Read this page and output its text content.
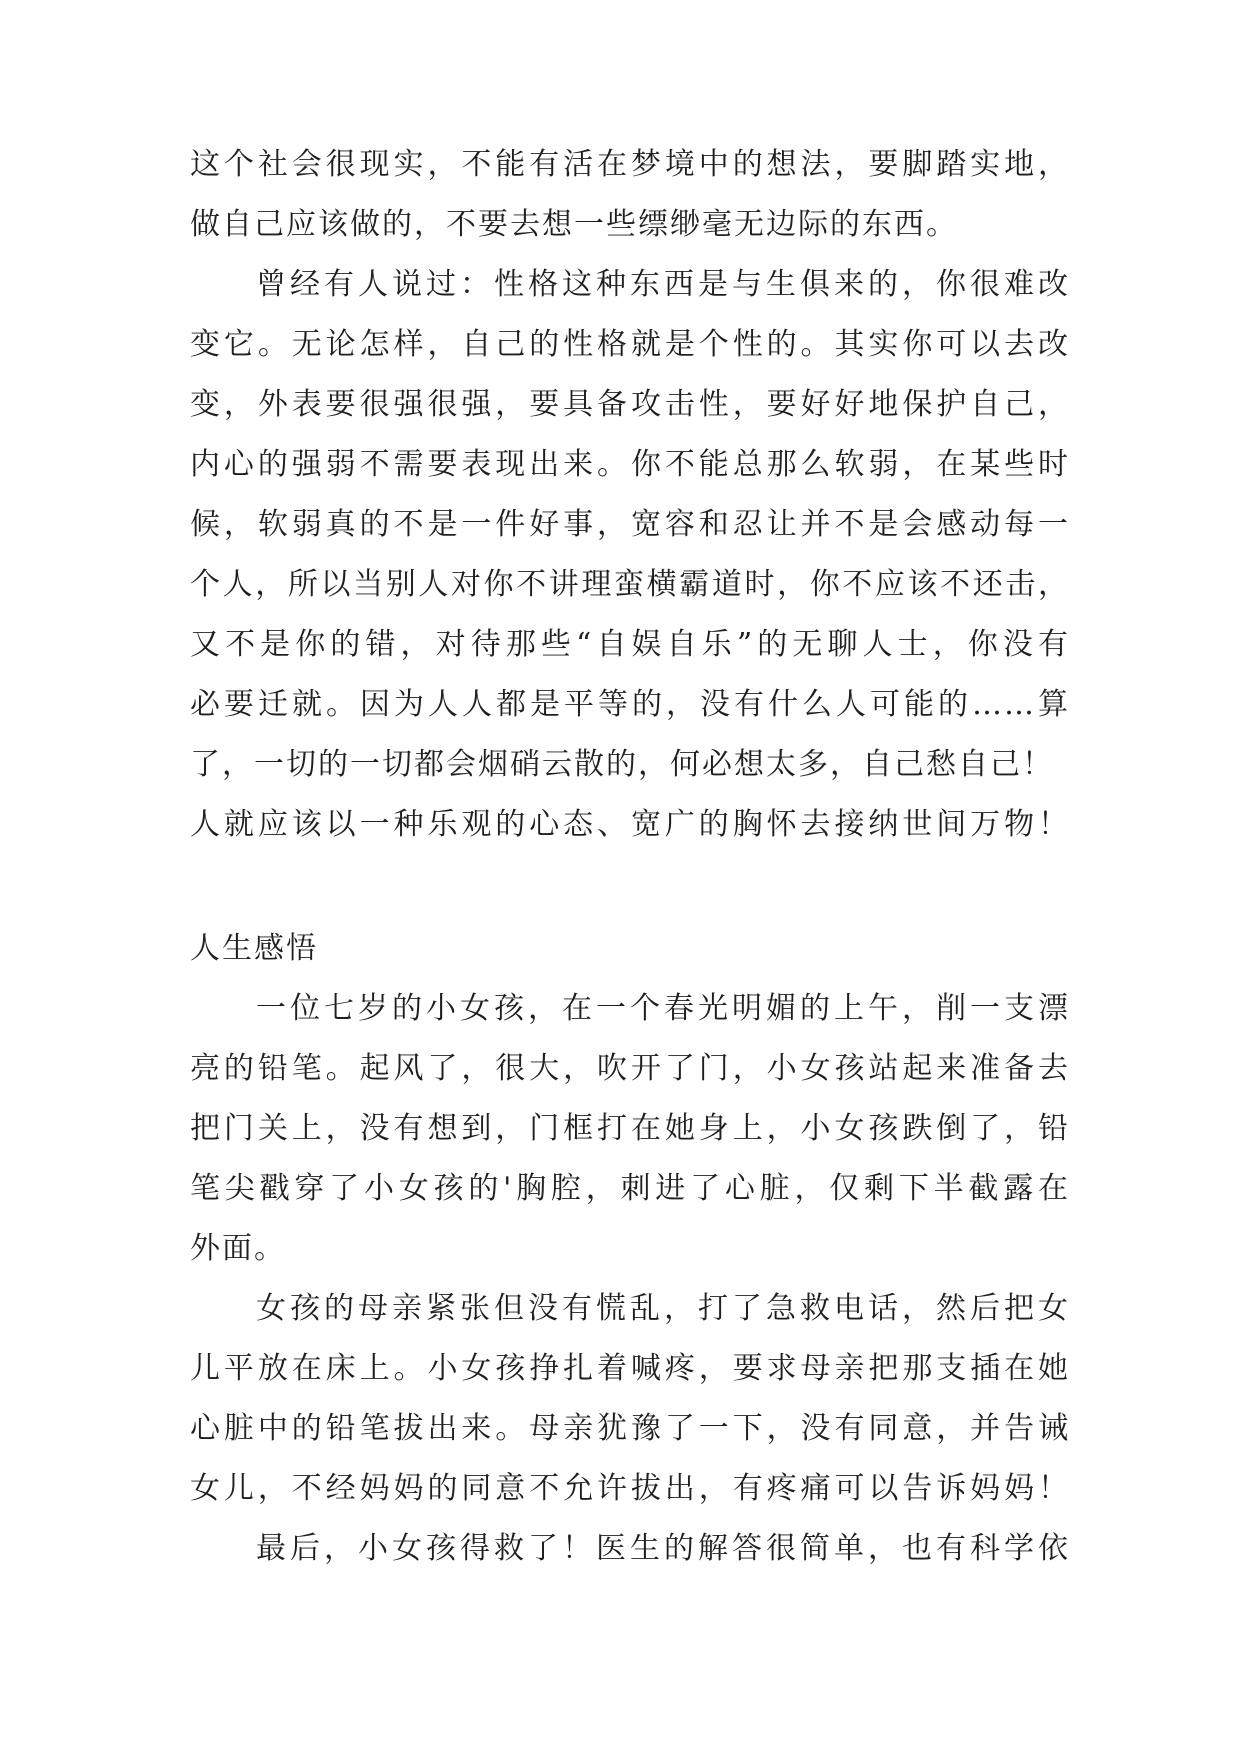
这个社会很现实，不能有活在梦境中的想法，要脚踏实地，
做自己应该做的，不要去想一些缥缈毫无边际的东西。
曾经有人说过：性格这种东西是与生俱来的，你很难改
变它。无论怎样，自己的性格就是个性的。其实你可以去改
变，外表要很强很强，要具备攻击性，要好好地保护自己，
内心的强弱不需要表现出来。你不能总那么软弱，在某些时
候，软弱真的不是一件好事，宽容和忍让并不是会感动每一
个人，所以当别人对你不讲理蛮横霸道时，你不应该不还击，
又不是你的错，对待那些“自娱自乐”的无聊人士，你没有
必要迁就。因为人人都是平等的，没有什么人可能的……算
了，一切的一切都会烟硝云散的，何必想太多，自己愁自己！
人就应该以一种乐观的心态、宽广的胸怀去接纳世间万物！
人生感悟
一位七岁的小女孩，在一个春光明媚的上午，削一支漂
亮的铅笔。起风了，很大，吹开了门，小女孩站起来准备去
把门关上，没有想到，门框打在她身上，小女孩跌倒了，铅
笔尖戳穿了小女孩的'胸腔，刺进了心脏，仅剩下半截露在
外面。
女孩的母亲紧张但没有慌乱，打了急救电话，然后把女
儿平放在床上。小女孩挣扎着喊疼，要求母亲把那支插在她
心脏中的铅笔拔出来。母亲犹豫了一下，没有同意，并告诫
女儿，不经妈妈的同意不允许拔出，有疼痛可以告诉妈妈！
最后，小女孩得救了！医生的解答很简单，也有科学依
